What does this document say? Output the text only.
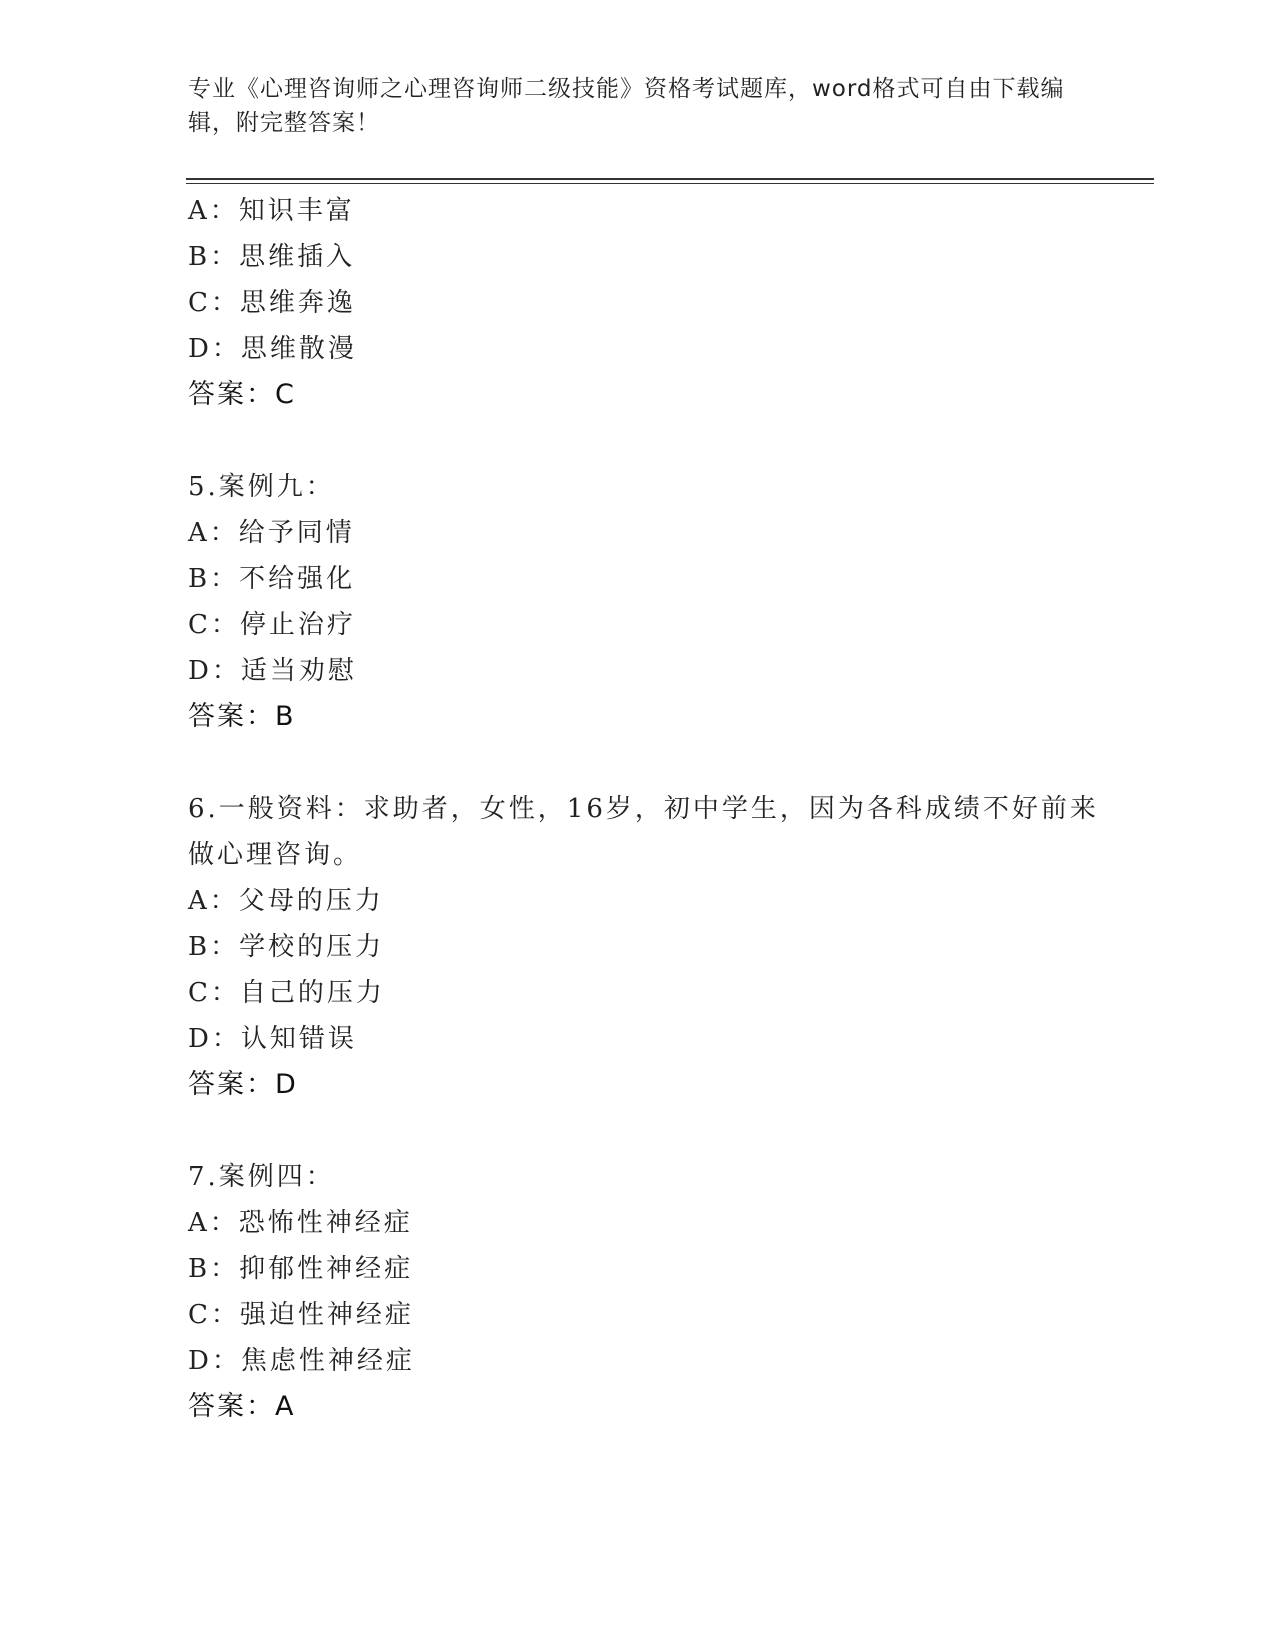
专业《心理咨询师之心理咨询师二级技能》资格考试题库，word格式可自由下载编辑，附完整答案！
A：知识丰富
B：思维插入
C：思维奔逸
D：思维散漫
答案：C
5.案例九：
A：给予同情
B：不给强化
C：停止治疗
D：适当劝慰
答案：B
6.一般资料：求助者，女性，16岁，初中学生，因为各科成绩不好前来做心理咨询。
A：父母的压力
B：学校的压力
C：自己的压力
D：认知错误
答案：D
7.案例四：
A：恐怖性神经症
B：抑郁性神经症
C：强迫性神经症
D：焦虑性神经症
答案：A
